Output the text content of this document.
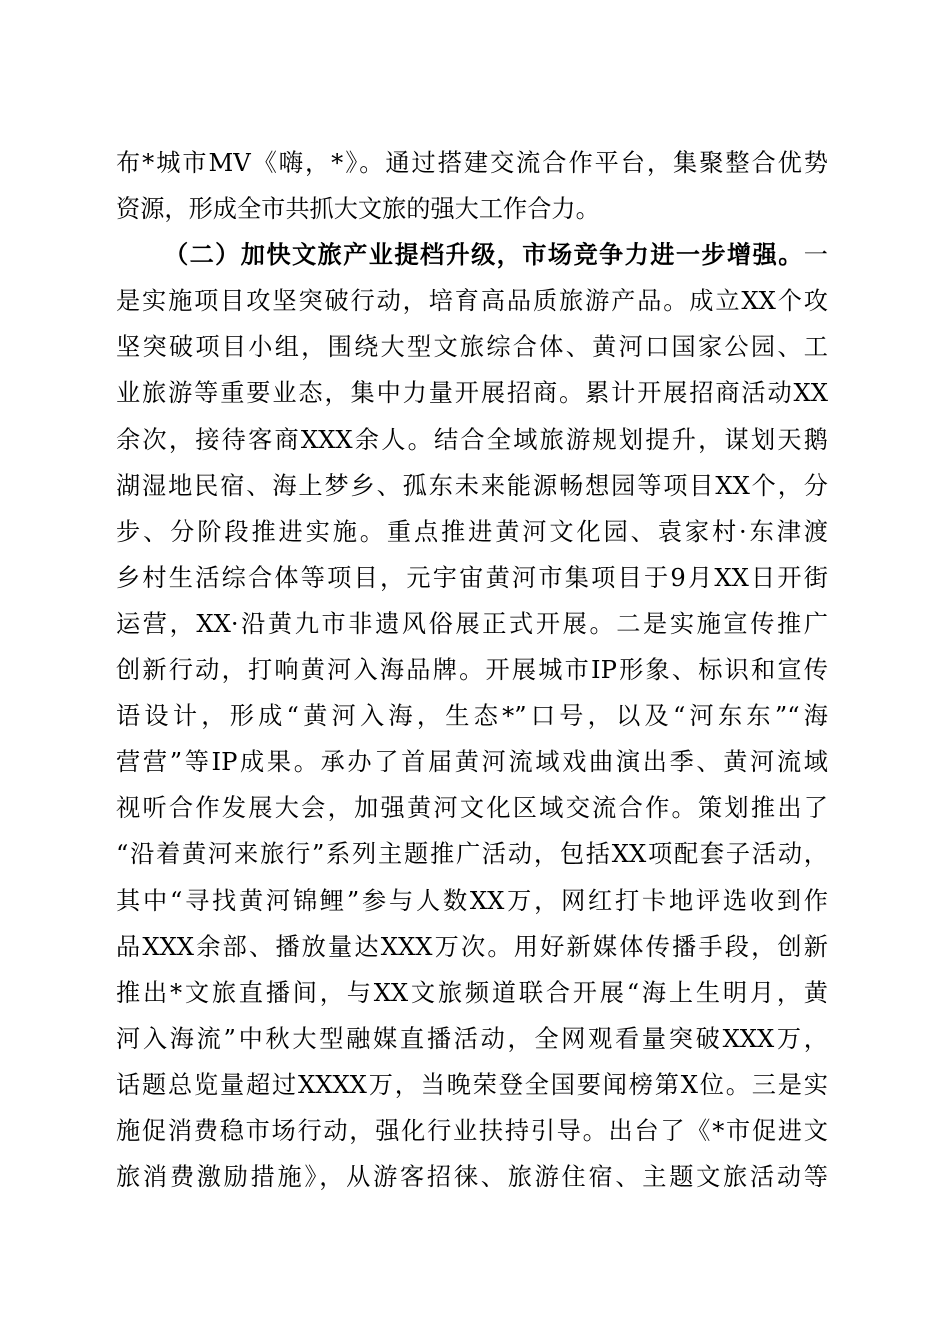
布*城市MV《嗨，*》。通过搭建交流合作平台，集聚整合优势
资源，形成全市共抓大文旅的强大工作合力。
（二）加快文旅产业提档升级，市场竞争力进一步增强。一
是实施项目攻坚突破行动，培育高品质旅游产品。成立XX个攻
坚突破项目小组，围绕大型文旅综合体、黄河口国家公园、工
业旅游等重要业态，集中力量开展招商。累计开展招商活动XX
余次，接待客商XXX余人。结合全域旅游规划提升，谋划天鹅
湖湿地民宿、海上梦乡、孤东未来能源畅想园等项目XX个，分
步、分阶段推进实施。重点推进黄河文化园、袁家村·东津渡
乡村生活综合体等项目，元宇宙黄河市集项目于9月XX日开街
运营，XX·沿黄九市非遗风俗展正式开展。二是实施宣传推广
创新行动，打响黄河入海品牌。开展城市IP形象、标识和宣传
语设计，形成“黄河入海，生态*”口号，以及“河东东”“海
营营”等IP成果。承办了首届黄河流域戏曲演出季、黄河流域
视听合作发展大会，加强黄河文化区域交流合作。策划推出了
“沿着黄河来旅行”系列主题推广活动，包括XX项配套子活动，
其中“寻找黄河锦鲤”参与人数XX万，网红打卡地评选收到作
品XXX余部、播放量达XXX万次。用好新媒体传播手段，创新
推出*文旅直播间，与XX文旅频道联合开展“海上生明月，黄
河入海流”中秋大型融媒直播活动，全网观看量突破XXX万，
话题总览量超过XXXX万，当晚荣登全国要闻榜第X位。三是实
施促消费稳市场行动，强化行业扶持引导。出台了《*市促进文
旅消费激励措施》，从游客招徕、旅游住宿、主题文旅活动等
